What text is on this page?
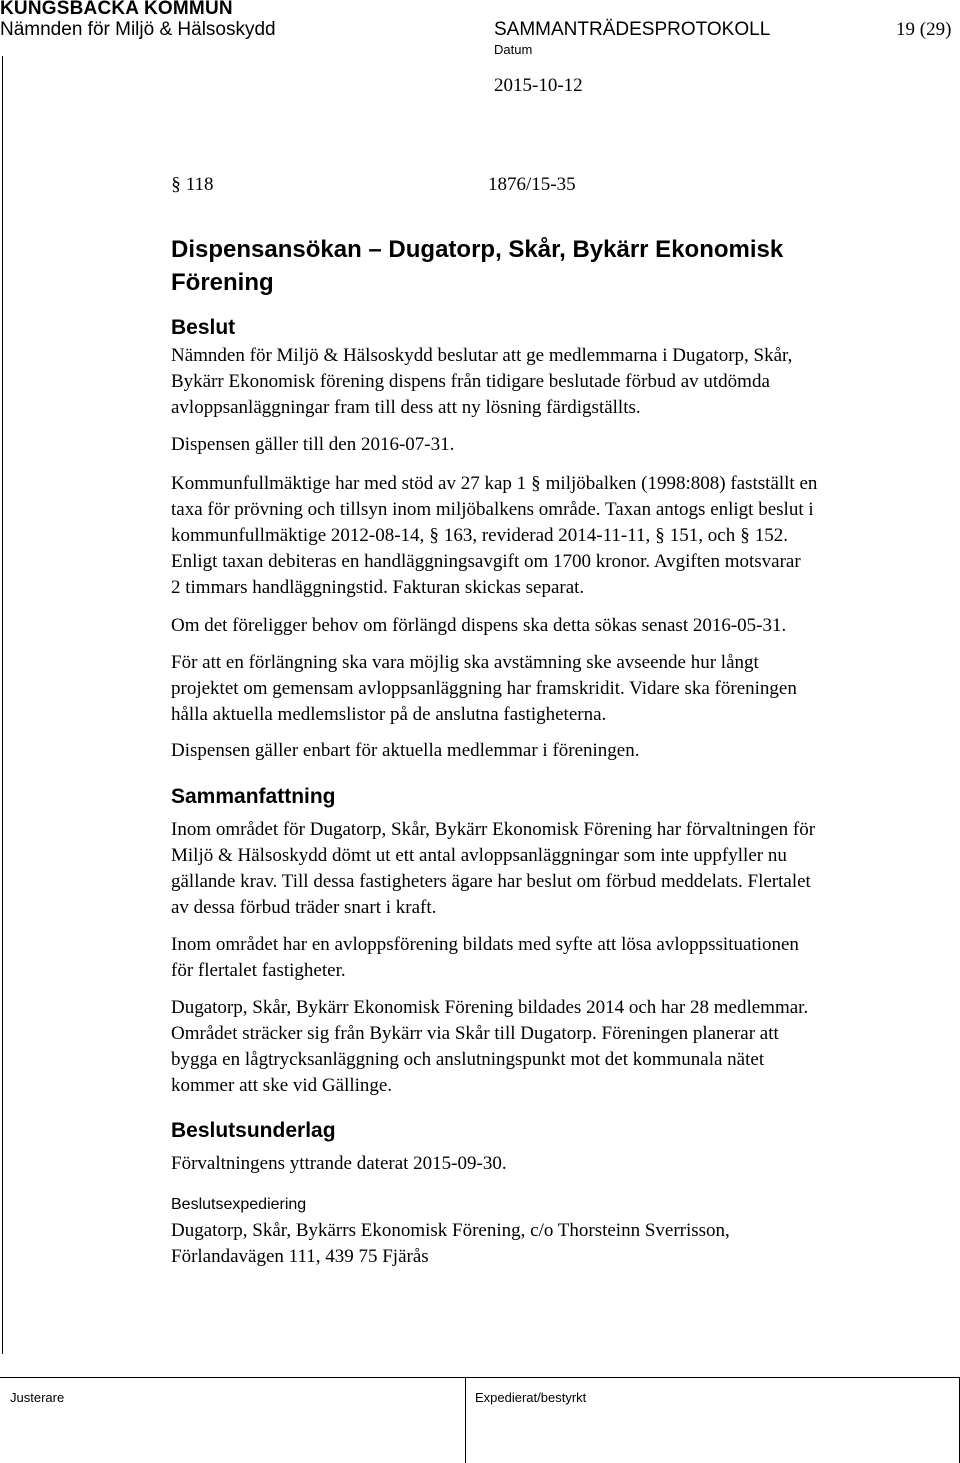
KUNGSBACKA KOMMUN
Nämnden för Miljö & Hälsoskydd	SAMMANTRÄDESPROTOKOLL	19 (29)
Datum
2015-10-12
§ 118	1876/15-35
Dispensansökan – Dugatorp, Skår, Bykärr Ekonomisk Förening
Beslut
Nämnden för Miljö & Hälsoskydd beslutar att ge medlemmarna i Dugatorp, Skår,
Bykärr Ekonomisk förening dispens från tidigare beslutade förbud av utdömda
avloppsanläggningar fram till dess att ny lösning färdigställts.
Dispensen gäller till den 2016-07-31.
Kommunfullmäktige har med stöd av 27 kap 1 § miljöbalken (1998:808) fastställt en
taxa för prövning och tillsyn inom miljöbalkens område. Taxan antogs enligt beslut i
kommunfullmäktige 2012-08-14, § 163, reviderad 2014-11-11, § 151, och § 152.
Enligt taxan debiteras en handläggningsavgift om 1700 kronor. Avgiften motsvarar
2 timmars handläggningstid. Fakturan skickas separat.
Om det föreligger behov om förlängd dispens ska detta sökas senast 2016-05-31.
För att en förlängning ska vara möjlig ska avstämning ske avseende hur långt
projektet om gemensam avloppsanläggning har framskridit. Vidare ska föreningen
hålla aktuella medlemslistor på de anslutna fastigheterna.
Dispensen gäller enbart för aktuella medlemmar i föreningen.
Sammanfattning
Inom området för Dugatorp, Skår, Bykärr Ekonomisk Förening har förvaltningen för
Miljö & Hälsoskydd dömt ut ett antal avloppsanläggningar som inte uppfyller nu
gällande krav. Till dessa fastigheters ägare har beslut om förbud meddelats. Flertalet
av dessa förbud träder snart i kraft.
Inom området har en avloppsförening bildats med syfte att lösa avloppssituationen
för flertalet fastigheter.
Dugatorp, Skår, Bykärr Ekonomisk Förening bildades 2014 och har 28 medlemmar.
Området sträcker sig från Bykärr via Skår till Dugatorp. Föreningen planerar att
bygga en lågtrycksanläggning och anslutningspunkt mot det kommunala nätet
kommer att ske vid Gällinge.
Beslutsunderlag
Förvaltningens yttrande daterat 2015-09-30.
Beslutsexpediering
Dugatorp, Skår, Bykärrs Ekonomisk Förening, c/o Thorsteinn Sverrisson,
Förlandavägen 111, 439 75 Fjärås
Justerare	Expedierat/bestyrkt
